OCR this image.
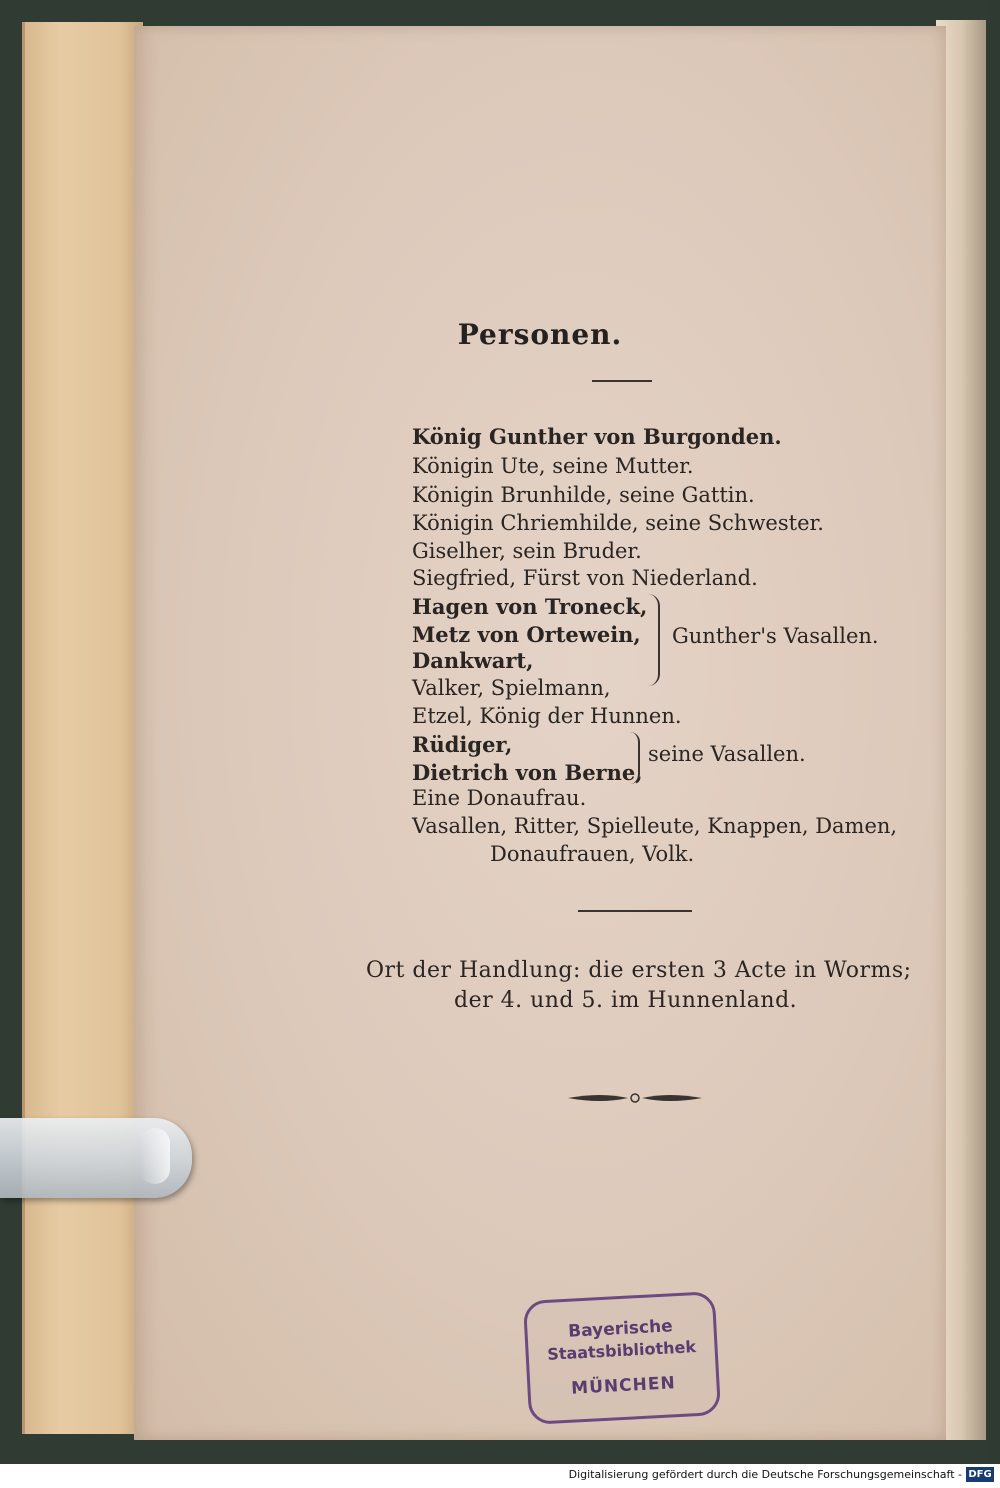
Personen.
König Gunther von Burgonden.
Königin Ute, seine Mutter.
Königin Brunhilde, seine Gattin.
Königin Chriemhilde, seine Schwester.
Giselher, sein Bruder.
Siegfried, Fürst von Niederland.
Hagen von Troneck,
Metz von Ortewein,
Dankwart,
Valker, Spielmann,
Gunther's Vasallen.
Etzel, König der Hunnen.
Rüdiger,
Dietrich von Berne,
seine Vasallen.
Eine Donaufrau.
Vasallen, Ritter, Spielleute, Knappen, Damen,
Donaufrauen, Volk.
Ort der Handlung: die ersten 3 Acte in Worms;
der 4. und 5. im Hunnenland.
Bayerische
Staatsbibliothek
MÜNCHEN
Digitalisierung gefördert durch die Deutsche Forschungsgemeinschaft - DFG
